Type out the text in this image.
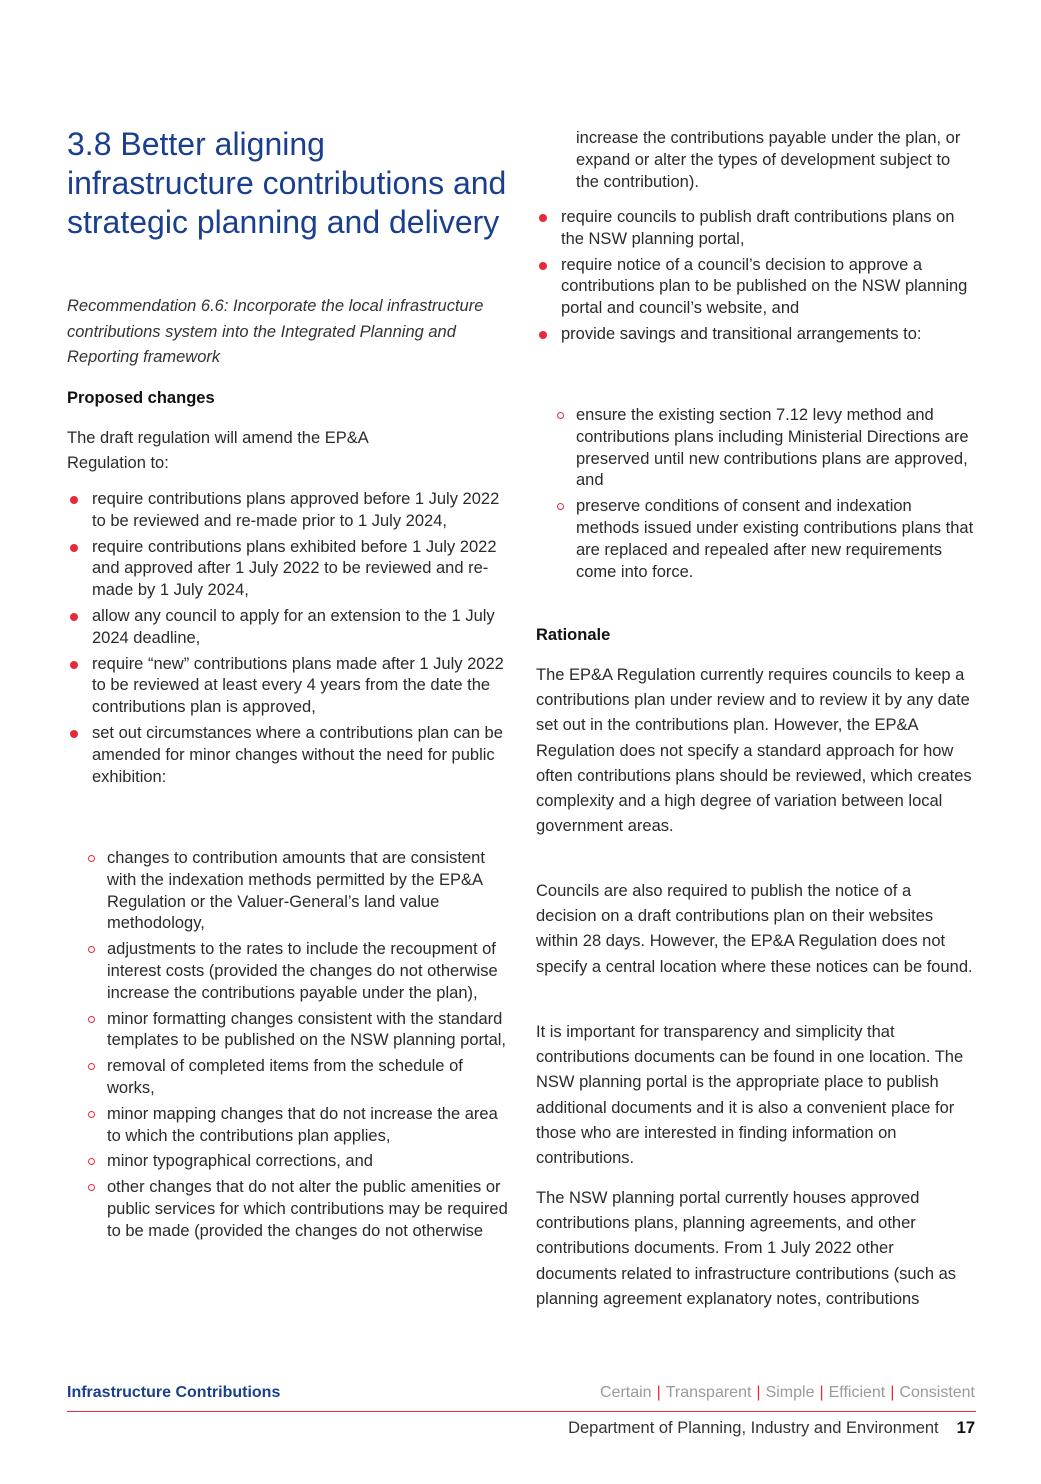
3.8 Better aligning infrastructure contributions and strategic planning and delivery

Recommendation 6.6: Incorporate the local infrastructure contributions system into the Integrated Planning and Reporting framework

Proposed changes

The draft regulation will amend the EP&A Regulation to:

require contributions plans approved before 1 July 2022 to be reviewed and re-made prior to 1 July 2024,
require contributions plans exhibited before 1 July 2022 and approved after 1 July 2022 to be reviewed and re-made by 1 July 2024,
allow any council to apply for an extension to the 1 July 2024 deadline,
require “new” contributions plans made after 1 July 2022 to be reviewed at least every 4 years from the date the contributions plan is approved,
set out circumstances where a contributions plan can be amended for minor changes without the need for public exhibition:
changes to contribution amounts that are consistent with the indexation methods permitted by the EP&A Regulation or the Valuer-General’s land value methodology,
adjustments to the rates to include the recoupment of interest costs (provided the changes do not otherwise increase the contributions payable under the plan),
minor formatting changes consistent with the standard templates to be published on the NSW planning portal,
removal of completed items from the schedule of works,
minor mapping changes that do not increase the area to which the contributions plan applies,
minor typographical corrections, and
other changes that do not alter the public amenities or public services for which contributions may be required to be made (provided the changes do not otherwise

increase the contributions payable under the plan, or expand or alter the types of development subject to the contribution).

require councils to publish draft contributions plans on the NSW planning portal,
require notice of a council’s decision to approve a contributions plan to be published on the NSW planning portal and council’s website, and
provide savings and transitional arrangements to:
ensure the existing section 7.12 levy method and contributions plans including Ministerial Directions are preserved until new contributions plans are approved, and
preserve conditions of consent and indexation methods issued under existing contributions plans that are replaced and repealed after new requirements come into force.

Rationale

The EP&A Regulation currently requires councils to keep a contributions plan under review and to review it by any date set out in the contributions plan. However, the EP&A Regulation does not specify a standard approach for how often contributions plans should be reviewed, which creates complexity and a high degree of variation between local government areas.

Councils are also required to publish the notice of a decision on a draft contributions plan on their websites within 28 days. However, the EP&A Regulation does not specify a central location where these notices can be found.

It is important for transparency and simplicity that contributions documents can be found in one location. The NSW planning portal is the appropriate place to publish additional documents and it is also a convenient place for those who are interested in finding information on contributions.

The NSW planning portal currently houses approved contributions plans, planning agreements, and other contributions documents. From 1 July 2022 other documents related to infrastructure contributions (such as planning agreement explanatory notes, contributions

Infrastructure Contributions	Certain | Transparent | Simple | Efficient | Consistent
Department of Planning, Industry and Environment 17
